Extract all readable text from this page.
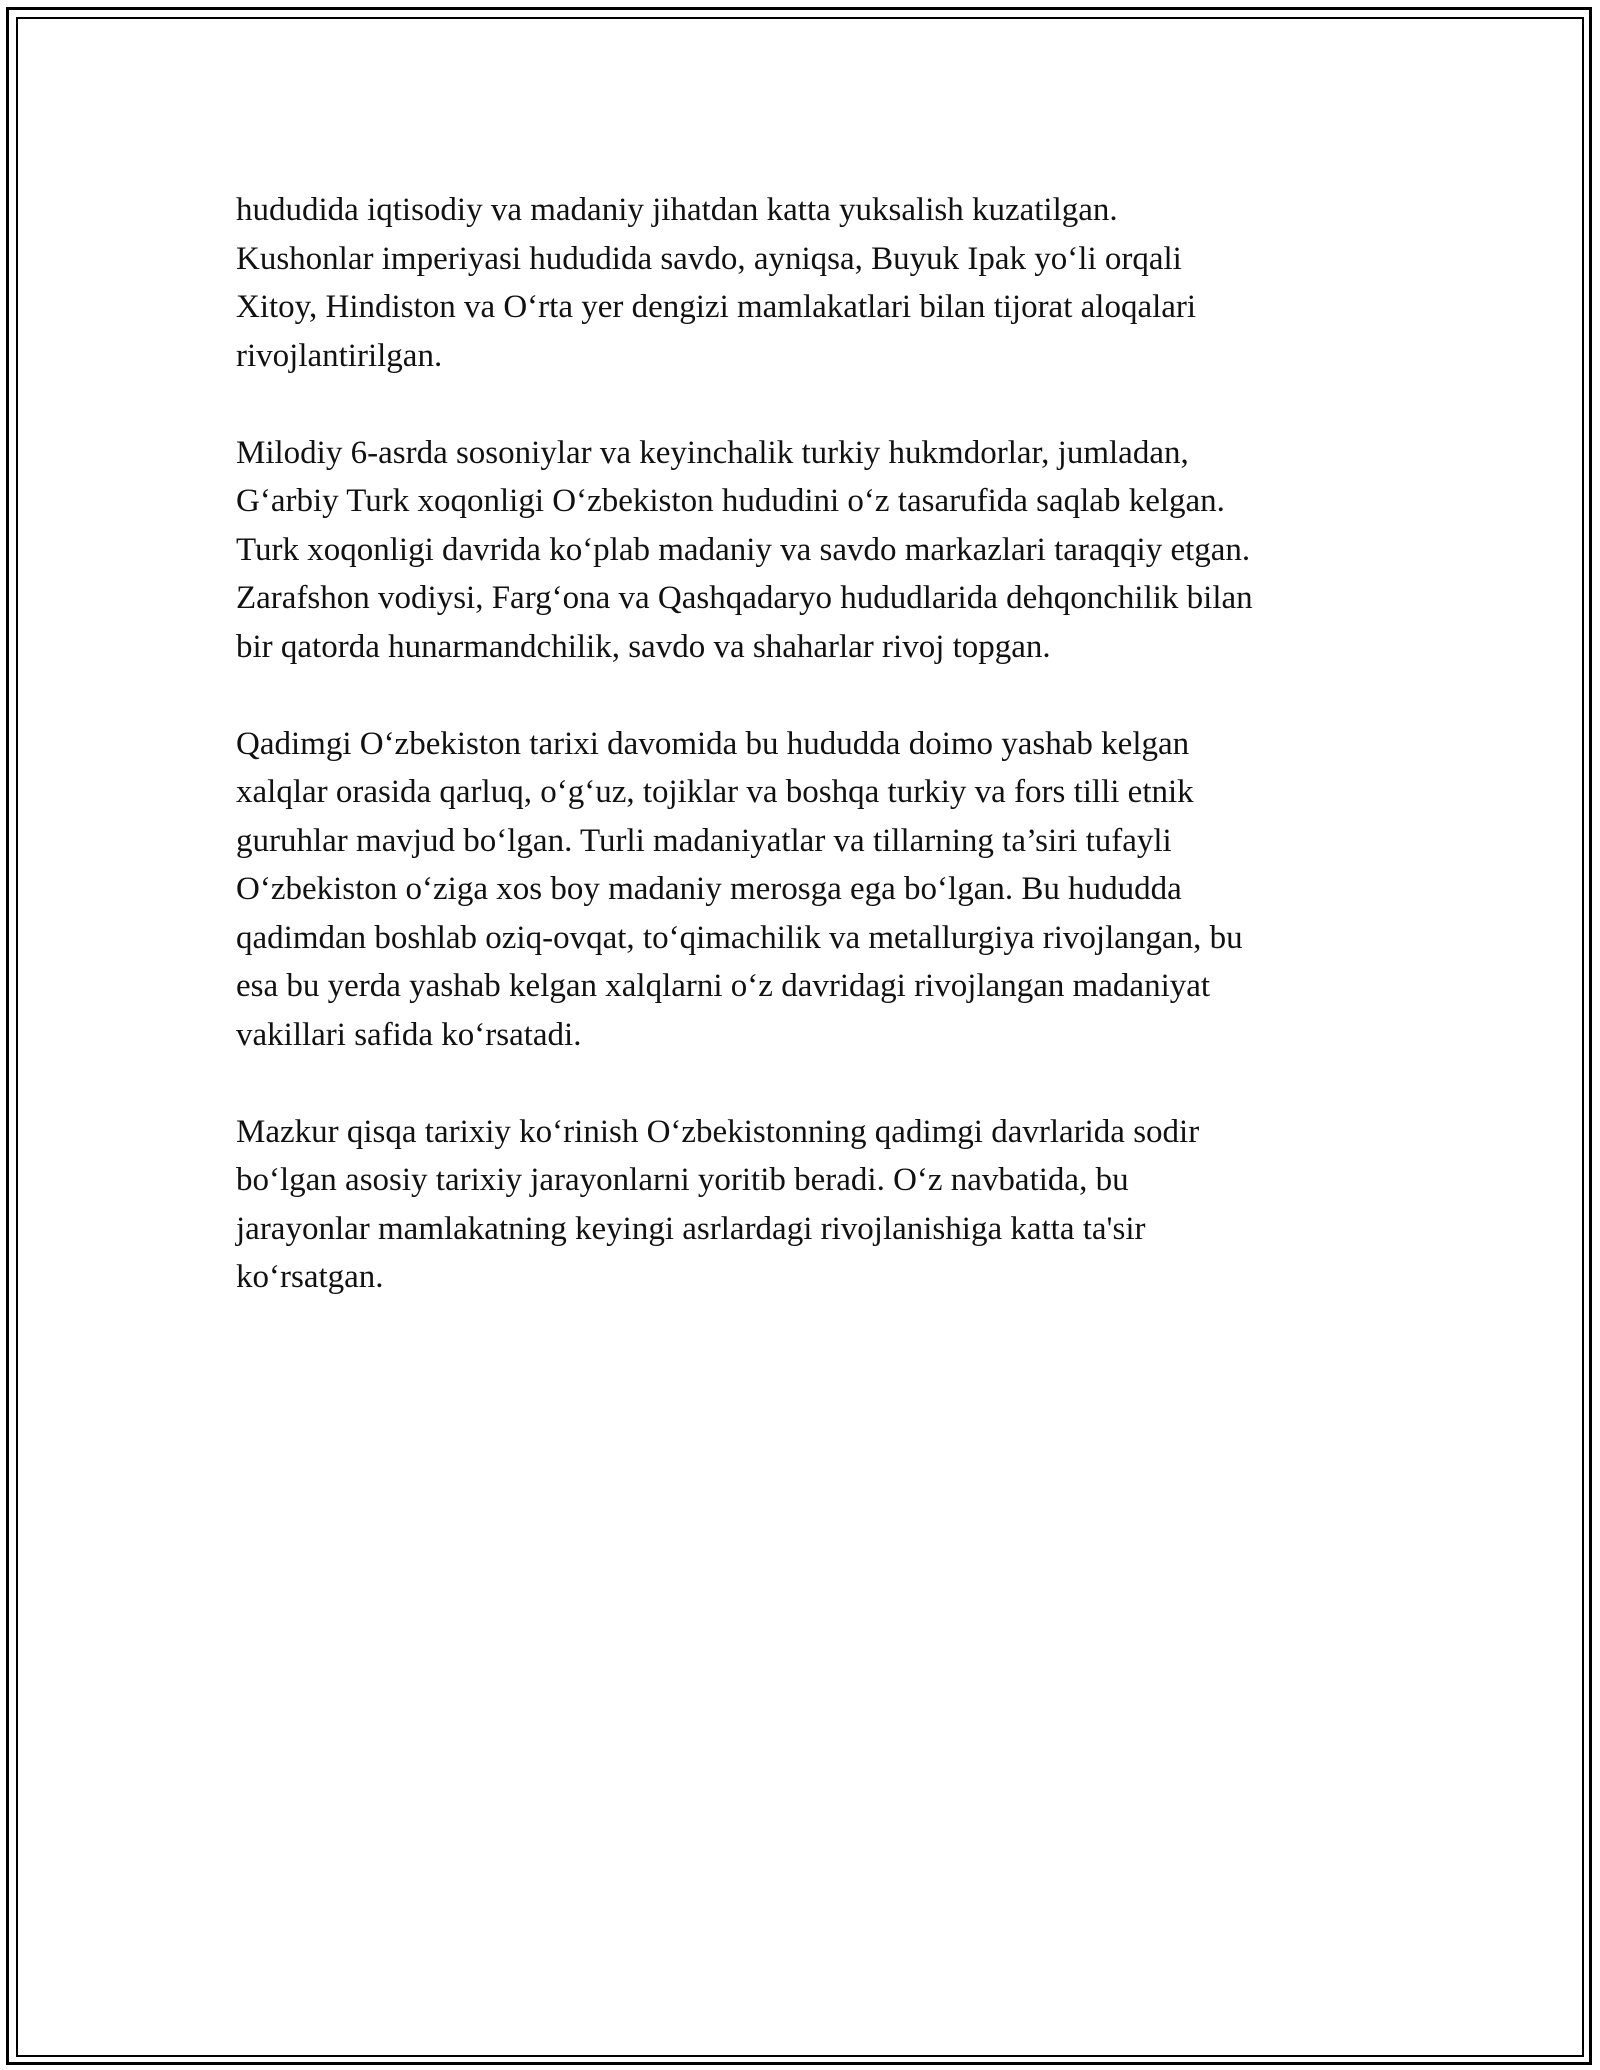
hududida iqtisodiy va madaniy jihatdan katta yuksalish kuzatilgan.
Kushonlar imperiyasi hududida savdo, ayniqsa, Buyuk Ipak yo‘li orqali
Xitoy, Hindiston va O‘rta yer dengizi mamlakatlari bilan tijorat aloqalari
rivojlantirilgan.

Milodiy 6-asrda sosoniylar va keyinchalik turkiy hukmdorlar, jumladan,
G‘arbiy Turk xoqonligi O‘zbekiston hududini o‘z tasarufida saqlab kelgan.
Turk xoqonligi davrida ko‘plab madaniy va savdo markazlari taraqqiy etgan.
Zarafshon vodiysi, Farg‘ona va Qashqadaryo hududlarida dehqonchilik bilan
bir qatorda hunarmandchilik, savdo va shaharlar rivoj topgan.

Qadimgi O‘zbekiston tarixi davomida bu hududda doimo yashab kelgan
xalqlar orasida qarluq, o‘g‘uz, tojiklar va boshqa turkiy va fors tilli etnik
guruhlar mavjud bo‘lgan. Turli madaniyatlar va tillarning ta’siri tufayli
O‘zbekiston o‘ziga xos boy madaniy merosga ega bo‘lgan. Bu hududda
qadimdan boshlab oziq-ovqat, to‘qimachilik va metallurgiya rivojlangan, bu
esa bu yerda yashab kelgan xalqlarni o‘z davridagi rivojlangan madaniyat
vakillari safida ko‘rsatadi.

Mazkur qisqa tarixiy ko‘rinish O‘zbekistonning qadimgi davrlarida sodir
bo‘lgan asosiy tarixiy jarayonlarni yoritib beradi. O‘z navbatida, bu
jarayonlar mamlakatning keyingi asrlardagi rivojlanishiga katta ta'sir
ko‘rsatgan.
